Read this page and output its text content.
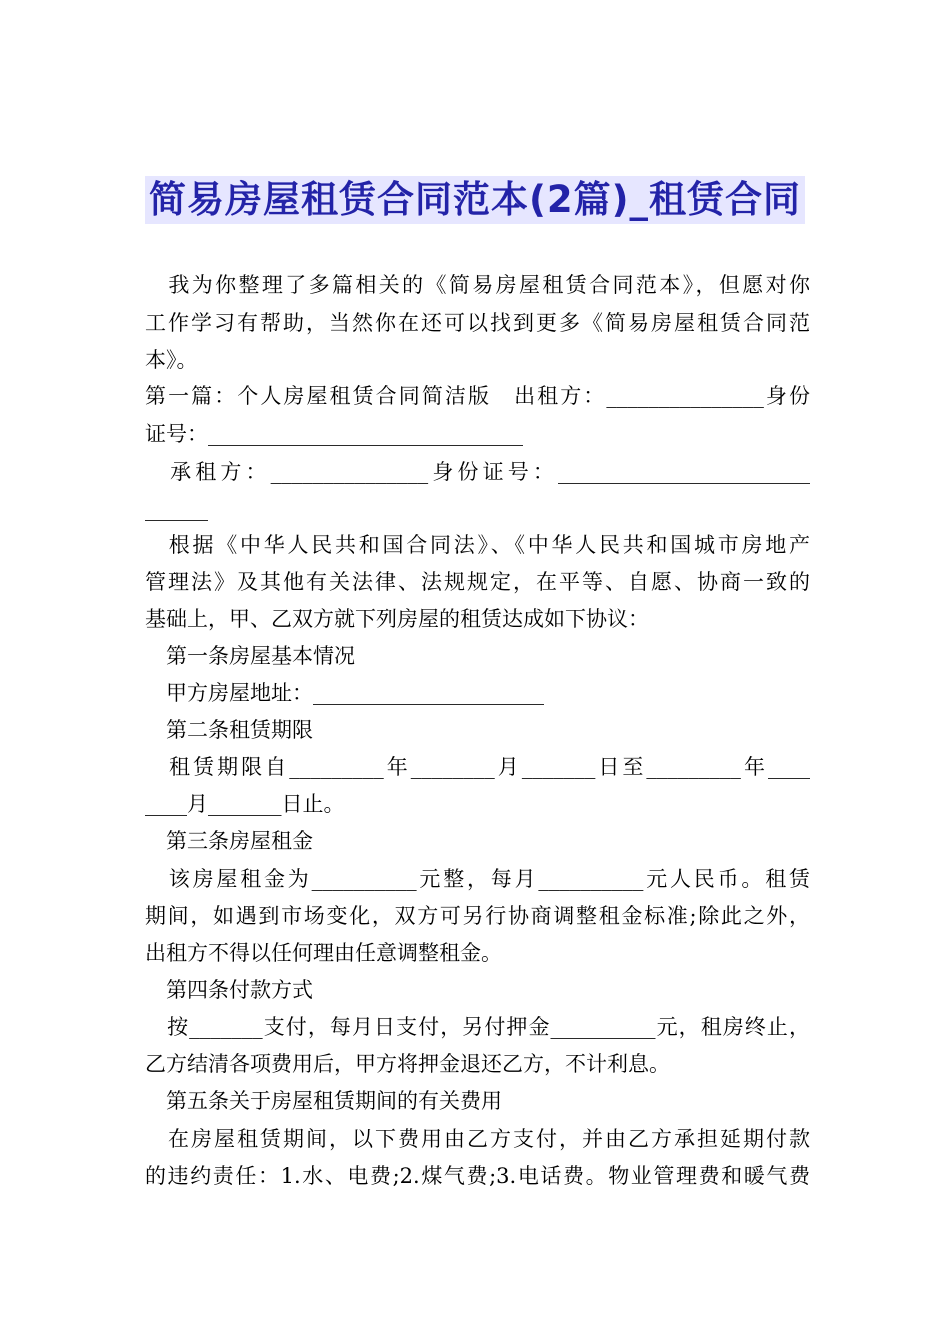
简易房屋租赁合同范本(2篇)_租赁合同
　我为你整理了多篇相关的《简易房屋租赁合同范本》，但愿对你
工作学习有帮助，当然你在还可以找到更多《简易房屋租赁合同范
本》。
第一篇：个人房屋租赁合同简洁版　出租方：_______________身份
证号：______________________________
　承租方：_______________身份证号：________________________
______
　根据《中华人民共和国合同法》、《中华人民共和国城市房地产
管理法》及其他有关法律、法规规定，在平等、自愿、协商一致的
基础上，甲、乙双方就下列房屋的租赁达成如下协议：
　第一条房屋基本情况
　甲方房屋地址：______________________
　第二条租赁期限
　租赁期限自_________年________月_______日至_________年____
____月_______日止。
　第三条房屋租金
　该房屋租金为__________元整，每月__________元人民币。租赁
期间，如遇到市场变化，双方可另行协商调整租金标准;除此之外，
出租方不得以任何理由任意调整租金。
　第四条付款方式
　按_______支付，每月日支付，另付押金__________元，租房终止，
乙方结清各项费用后，甲方将押金退还乙方，不计利息。
　第五条关于房屋租赁期间的有关费用
　在房屋租赁期间，以下费用由乙方支付，并由乙方承担延期付款
的违约责任：1.水、电费;2.煤气费;3.电话费。物业管理费和暖气费
